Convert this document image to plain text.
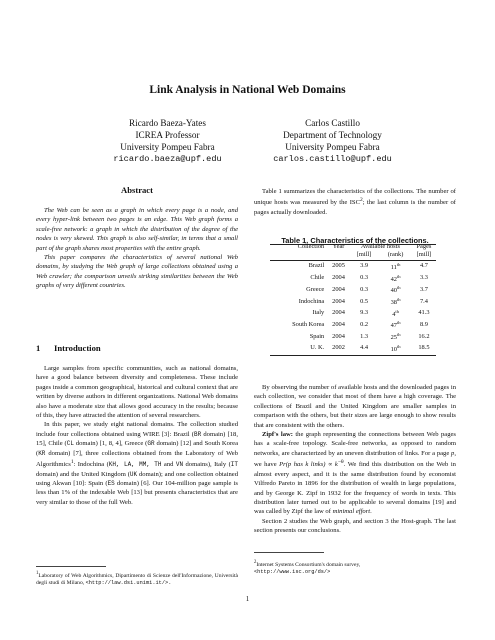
Link Analysis in National Web Domains
Ricardo Baeza-Yates
ICREA Professor
University Pompeu Fabra
ricardo.baeza@upf.edu
Carlos Castillo
Department of Technology
University Pompeu Fabra
carlos.castillo@upf.edu
Abstract

The Web can be seen as a graph in which every page is a node, and every hyper-link between two pages is an edge. This Web graph forms a scale-free network: a graph in which the distribution of the degree of the nodes is very skewed. This graph is also self-similar, in terms that a small part of the graph shares most properties with the entire graph.

This paper compares the characteristics of several national Web domains, by studying the Web graph of large collections obtained using a Web crawler; the comparison unveils striking similarities between the Web graphs of very different countries.

1 Introduction

Large samples from specific communities, such as national domains, have a good balance between diversity and completeness. These include pages inside a common geographical, historical and cultural context that are written by diverse authors in different organizations. National Web domains also have a moderate size that allows good accuracy in the results; because of this, they have attracted the attention of several researchers.

In this paper, we study eight national domains. The collection studied include four collections obtained using WIRE [3]: Brazil (BR domain) [18, 15], Chile (CL domain) [1, 8, 4], Greece (GR domain) [12] and South Korea (KR domain) [7], three collections obtained from the Laboratory of Web Algorithmics$^1$: Indochina (KH, LA, MM, TH and VN domains), Italy (IT domain) and the United Kingdom (UK domain); and one collection obtained using Akwan [10]: Spain (ES domain) [6]. Our 104-million page sample is less than 1% of the indexable Web [13] but presents characteristics that are very similar to those of the full Web.

$^1$Laboratory of Web Algorithmics, Dipartimento di Scienze dell'Informazione, Università degli studi di Milano, <http://law.dsi.unimi.it/>.

Table 1 summarizes the characteristics of the collections. The number of unique hosts was measured by the ISC$^2$; the last column is the number of pages actually downloaded.

Table 1. Characteristics of the collections.
Collection	Year	Available hosts		Pages
		[mill]	(rank)	[mill]
Brazil	2005	3.9	11th	4.7
Chile	2004	0.3	42th	3.3
Greece	2004	0.3	40th	3.7
Indochina	2004	0.5	38th	7.4
Italy	2004	9.3	4th	41.3
South Korea	2004	0.2	47th	8.9
Spain	2004	1.3	25th	16.2
U. K.	2002	4.4	10th	18.5

By observing the number of available hosts and the downloaded pages in each collection, we consider that most of them have a high coverage. The collections of Brazil and the United Kingdom are smaller samples in comparison with the others, but their sizes are large enough to show results that are consistent with the others.

Zipf's law: the graph representing the connections between Web pages has a scale-free topology. Scale-free networks, as opposed to random networks, are characterized by an uneven distribution of links. For a page p, we have Pr(p has k links) ∝ $k^{-\theta}$. We find this distribution on the Web in almost every aspect, and it is the same distribution found by economist Vilfredo Pareto in 1896 for the distribution of wealth in large populations, and by George K. Zipf in 1932 for the frequency of words in texts. This distribution later turned out to be applicable to several domains [19] and was called by Zipf the law of minimal effort.

Section 2 studies the Web graph, and section 3 the Host-graph. The last section presents our conclusions.

$^2$Internet Systems Consortium's domain survey,
<http://www.isc.org/ds/>
1
